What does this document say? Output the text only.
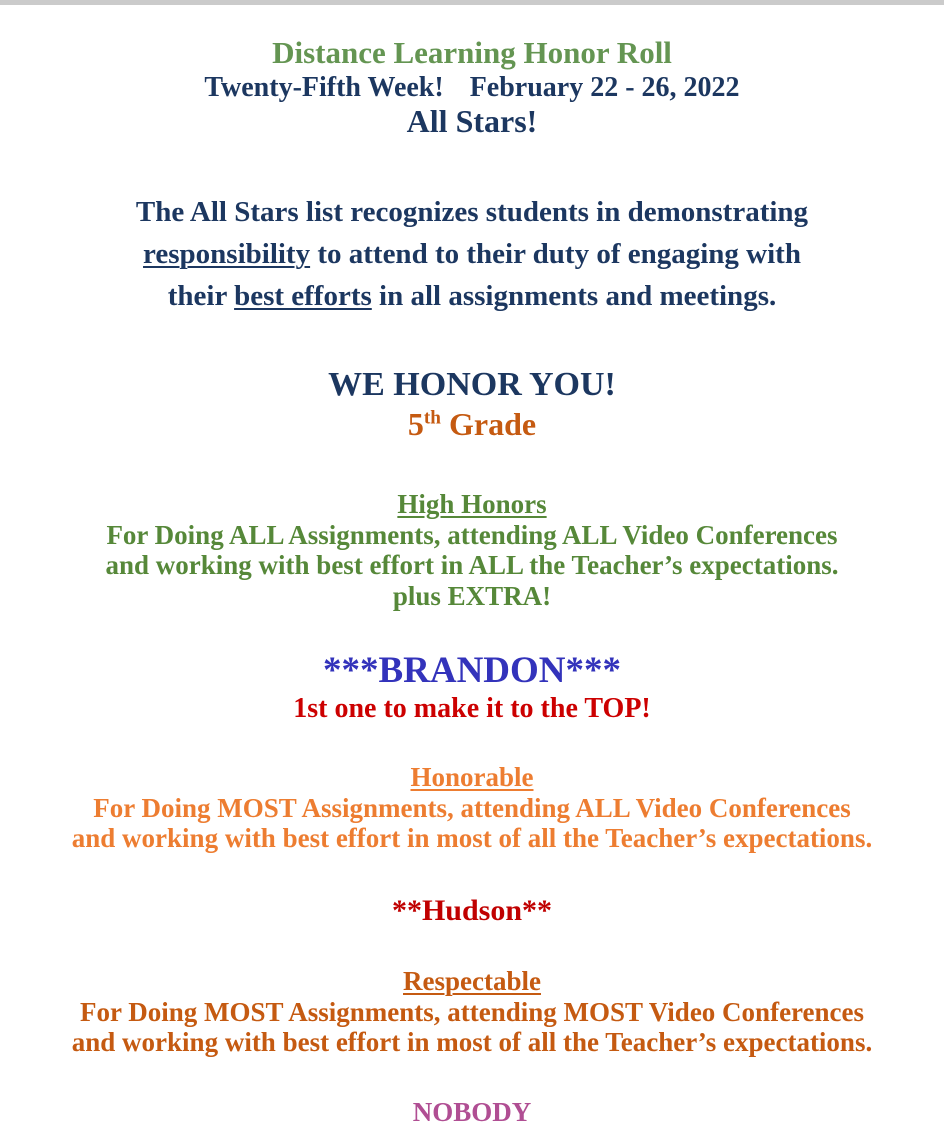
Distance Learning Honor Roll
Twenty-Fifth Week! February 22 - 26, 2022
All Stars!

The All Stars list recognizes students in demonstrating
responsibility to attend to their duty of engaging with
their best efforts in all assignments and meetings.

WE HONOR YOU!
5th Grade
High Honors
For Doing ALL Assignments, attending ALL Video Conferences
and working with best effort in ALL the Teacher’s expectations.
plus EXTRA!
***BRANDON***
1st one to make it to the TOP!
Honorable
For Doing MOST Assignments, attending ALL Video Conferences
and working with best effort in most of all the Teacher’s expectations.
**Hudson**
Respectable
For Doing MOST Assignments, attending MOST Video Conferences
and working with best effort in most of all the Teacher’s expectations.
NOBODY
